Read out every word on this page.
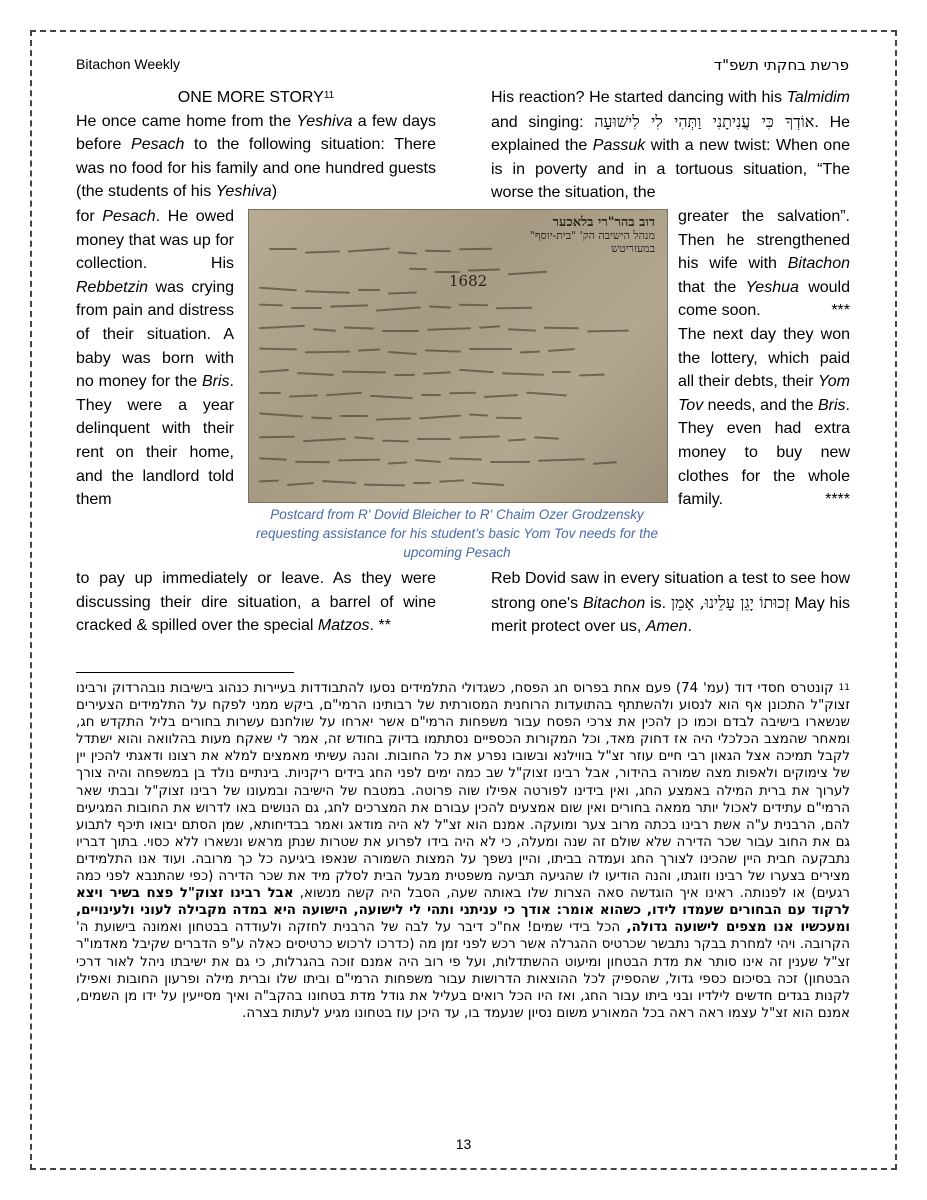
Bitachon Weekly	פרשת בחקתי תשפ"ד
ONE MORE STORY$^{11}$

He once came home from the Yeshiva a few days before Pesach to the following situation: There was no food for his family and one hundred guests (the students of his Yeshiva)

for Pesach. He owed money that was up for collection. His Rebbetzin was crying from pain and distress of their situation. A baby was born with no money for the Bris. They were a year delinquent with their rent on their home, and the landlord told them

to pay up immediately or leave. As they were discussing their dire situation, a barrel of wine cracked & spilled over the special Matzos. **

His reaction? He started dancing with his Talmidim and singing: אוֹדְךָ כִּי עֲנִיתָנִי וַתְּהִי לִי לִישׁוּעָה. He explained the Passuk with a new twist: When one is in poverty and in a tortuous situation, “The worse the situation, the

greater the salvation”. Then he strengthened his wife with Bitachon that the Yeshua would come soon.	***

The next day they won the lottery, which paid all their debts, their Yom Tov needs, and the Bris. They even had extra money to buy new clothes for the whole family.	****

Reb Dovid saw in every situation a test to see how strong one's Bitachon is. זְכוּתוֹ יָגֵן עָלֵינוּ, אָמֵן May his merit protect over us, Amen.

דוב בהר"רי בלאכער
מנהל הישיבה הק' "בית-יוסף"
במעזריטש
1682
Postcard from R' Dovid Bleicher to R' Chaim Ozer Grodzensky requesting assistance for his student’s basic Yom Tov needs for the upcoming Pesach
$^{11}$ קונטרס חסדי דוד (עמ' 74) פעם אחת בפרוס חג הפסח, כשגדולי התלמידים נסעו להתבודדות בעיירות כנהוג בישיבות נובהרדוק ורבינו זצוק"ל התכונן אף הוא לנסוע ולהשתתף בהתועדות הרוחנית המסורתית של רבותינו הרמי"ם, ביקש ממני לפקח על התלמידים הצעירים שנשארו בישיבה לבדם וכמו כן להכין את צרכי הפסח עבור משפחות הרמי"ם אשר יארחו על שולחנם עשרות בחורים בליל התקדש חג, ומאחר שהמצב הכלכלי היה אז דחוק מאד, וכל המקורות הכספיים נסתתמו בדיוק בחודש זה, אמר לי שאקח מעות בהלוואה והוא ישתדל לקבל תמיכה אצל הגאון רבי חיים עוזר זצ"ל בווילנא ובשובו נפרע את כל החובות. והנה עשיתי מאמצים למלא את רצונו ודאגתי להכין יין של צימוקים ולאפות מצה שמורה בהידור, אבל רבינו זצוק"ל שב כמה ימים לפני החג בידים ריקניות. בינתיים נולד בן במשפחה והיה צורך לערוך את ברית המילה באמצע החג, ואין בידינו לפורטה אפילו שוה פרוטה. במטבח של הישיבה ובמעונו של רבינו זצוק"ל ובבתי שאר הרמי"ם עתידים לאכול יותר ממאה בחורים ואין שום אמצעים להכין עבורם את המצרכים לחג, גם הנושים באו לדרוש את החובות המגיעים להם, הרבנית ע"ה אשת רבינו בכתה מרוב צער ומועקה. אמנם הוא זצ"ל לא היה מודאג ואמר בבדיחותא, שמן הסתם יבואו תיכף לתבוע גם את החוב עבור שכר הדירה שלא שולם זה שנה ומעלה, כי לא היה בידו לפרוע את שטרות שנתן מראש ונשארו ללא כסוי. בתוך דבריו נתבקעה חבית היין שהכינו לצורך החג ועמדה בביתו, והיין נשפך על המצות השמורה שנאפו ביגיעה כל כך מרובה. ועוד אנו התלמידים מצירים בצערו של רבינו וזוגתו, והנה הודיעו לו שהגיעה תביעה משפטית מבעל הבית לסלק מיד את שכר הדירה (כפי שהתנבא לפני כמה רגעים) או לפנותה. ראינו איך הוגדשה סאה הצרות שלו באותה שעה, הסבל היה קשה מנשוא, אבל רבינו זצוק"ל פצח בשיר ויצא לרקוד עם הבחורים שעמדו לידו, כשהוא אומר: אודך כי עניתני ותהי לי לישועה, הישועה היא במדה מקבילה לעוני ולעינויים, ומעכשיו אנו מצפים לישועה גדולה, הכל בידי שמים! אח"כ דיבר על לבה של הרבנית לחזקה ולעודדה בבטחון ואמונה בישועת ה' הקרובה. ויהי למחרת בבקר נתבשר שכרטיס ההגרלה אשר רכש לפני זמן מה (כדרכו לרכוש כרטיסים כאלה ע"פ הדברים שקיבל מאדמו"ר זצ"ל שענין זה אינו סותר את מדת הבטחון ומיעוט ההשתדלות, ועל פי רוב היה אמנם זוכה בהגרלות, כי גם את ישיבתו ניהל לאור דרכי הבטחון) זכה בסיכום כספי גדול, שהספיק לכל ההוצאות הדרושות עבור משפחות הרמי"ם וביתו שלו וברית מילה ופרעון החובות ואפילו לקנות בגדים חדשים לילדיו ובני ביתו עבור החג, ואז היו הכל רואים בעליל את גודל מדת בטחונו בהקב"ה ואיך מסייעין על ידו מן השמים, אמנם הוא זצ"ל עצמו ראה ראה בכל המאורע משום נסיון שנעמד בו, עד היכן עוז בטחונו מגיע לעתות בצרה.
13
